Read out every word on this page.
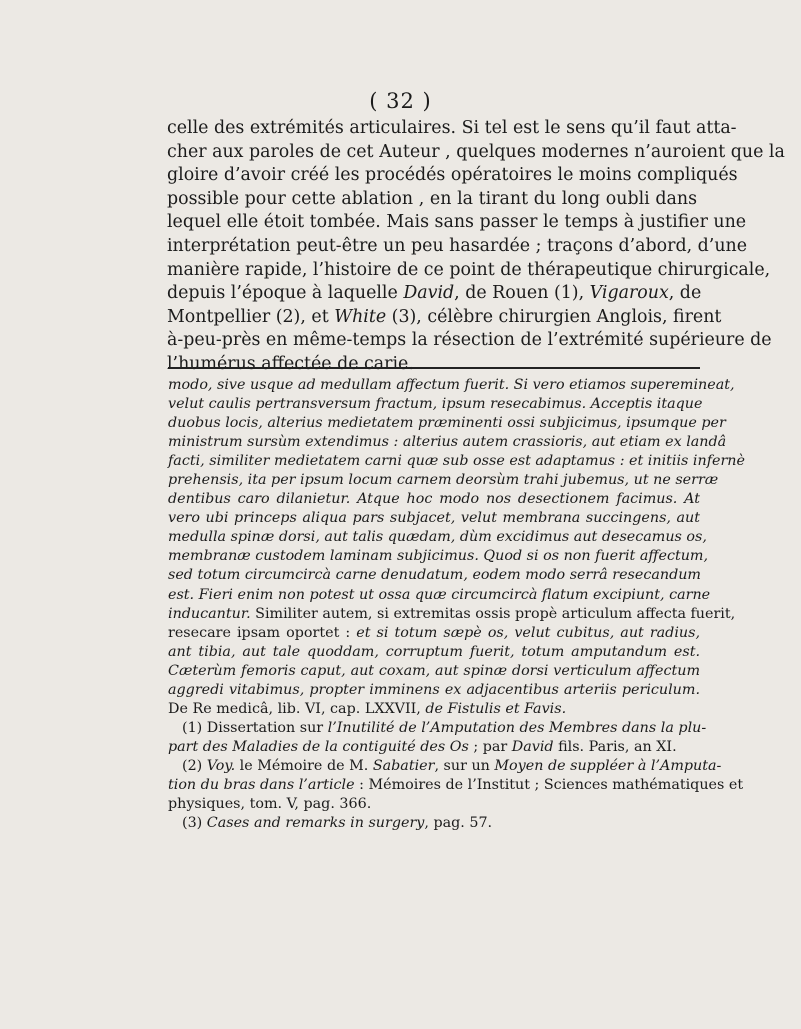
( 32 )
celle des extrémités articulaires. Si tel est le sens qu’il faut atta-
cher aux paroles de cet Auteur , quelques modernes n’auroient que la
gloire d’avoir créé les procédés opératoires le moins compliqués
possible pour cette ablation , en la tirant du long oubli dans
lequel elle étoit tombée. Mais sans passer le temps à justifier une
interprétation peut-être un peu hasardée ; traçons d’abord, d’une
manière rapide, l’histoire de ce point de thérapeutique chirurgicale,
depuis l’époque à laquelle David, de Rouen (1), Vigaroux, de
Montpellier (2), et White (3), célèbre chirurgien Anglois, firent
à-peu-près en même-temps la résection de l’extrémité supérieure de
l’humérus affectée de carie.
modo, sive usque ad medullam affectum fuerit. Si vero etiamos superemineat,
velut caulis pertransversum fractum, ipsum resecabimus. Acceptis itaque
duobus locis, alterius medietatem præminenti ossi subjicimus, ipsumque per
ministrum sursùm extendimus : alterius autem crassioris, aut etiam ex landâ
facti, similiter medietatem carni quæ sub osse est adaptamus : et initiis infernè
prehensis, ita per ipsum locum carnem deorsùm trahi jubemus, ut ne serræ
dentibus caro dilanietur. Atque hoc modo nos desectionem facimus. At
vero ubi princeps aliqua pars subjacet, velut membrana succingens, aut
medulla spinæ dorsi, aut talis quædam, dùm excidimus aut desecamus os,
membranæ custodem laminam subjicimus. Quod si os non fuerit affectum,
sed totum circumcircà carne denudatum, eodem modo serrâ resecandum
est. Fieri enim non potest ut ossa quæ circumcircà flatum excipiunt, carne
inducantur. Similiter autem, si extremitas ossis propè articulum affecta fuerit,
resecare ipsam oportet : et si totum sæpè os, velut cubitus, aut radius,
ant tibia, aut tale quoddam, corruptum fuerit, totum amputandum est.
Cæterùm femoris caput, aut coxam, aut spinæ dorsi verticulum affectum
aggredi vitabimus, propter imminens ex adjacentibus arteriis periculum.
De Re medicâ, lib. VI, cap. LXXVII, de Fistulis et Favis.
(1) Dissertation sur l’Inutilité de l’Amputation des Membres dans la plu-
part des Maladies de la contiguité des Os ; par David fils. Paris, an XI.
(2) Voy. le Mémoire de M. Sabatier, sur un Moyen de suppléer à l’Amputa-
tion du bras dans l’article : Mémoires de l’Institut ; Sciences mathématiques et
physiques, tom. V, pag. 366.
(3) Cases and remarks in surgery, pag. 57.
